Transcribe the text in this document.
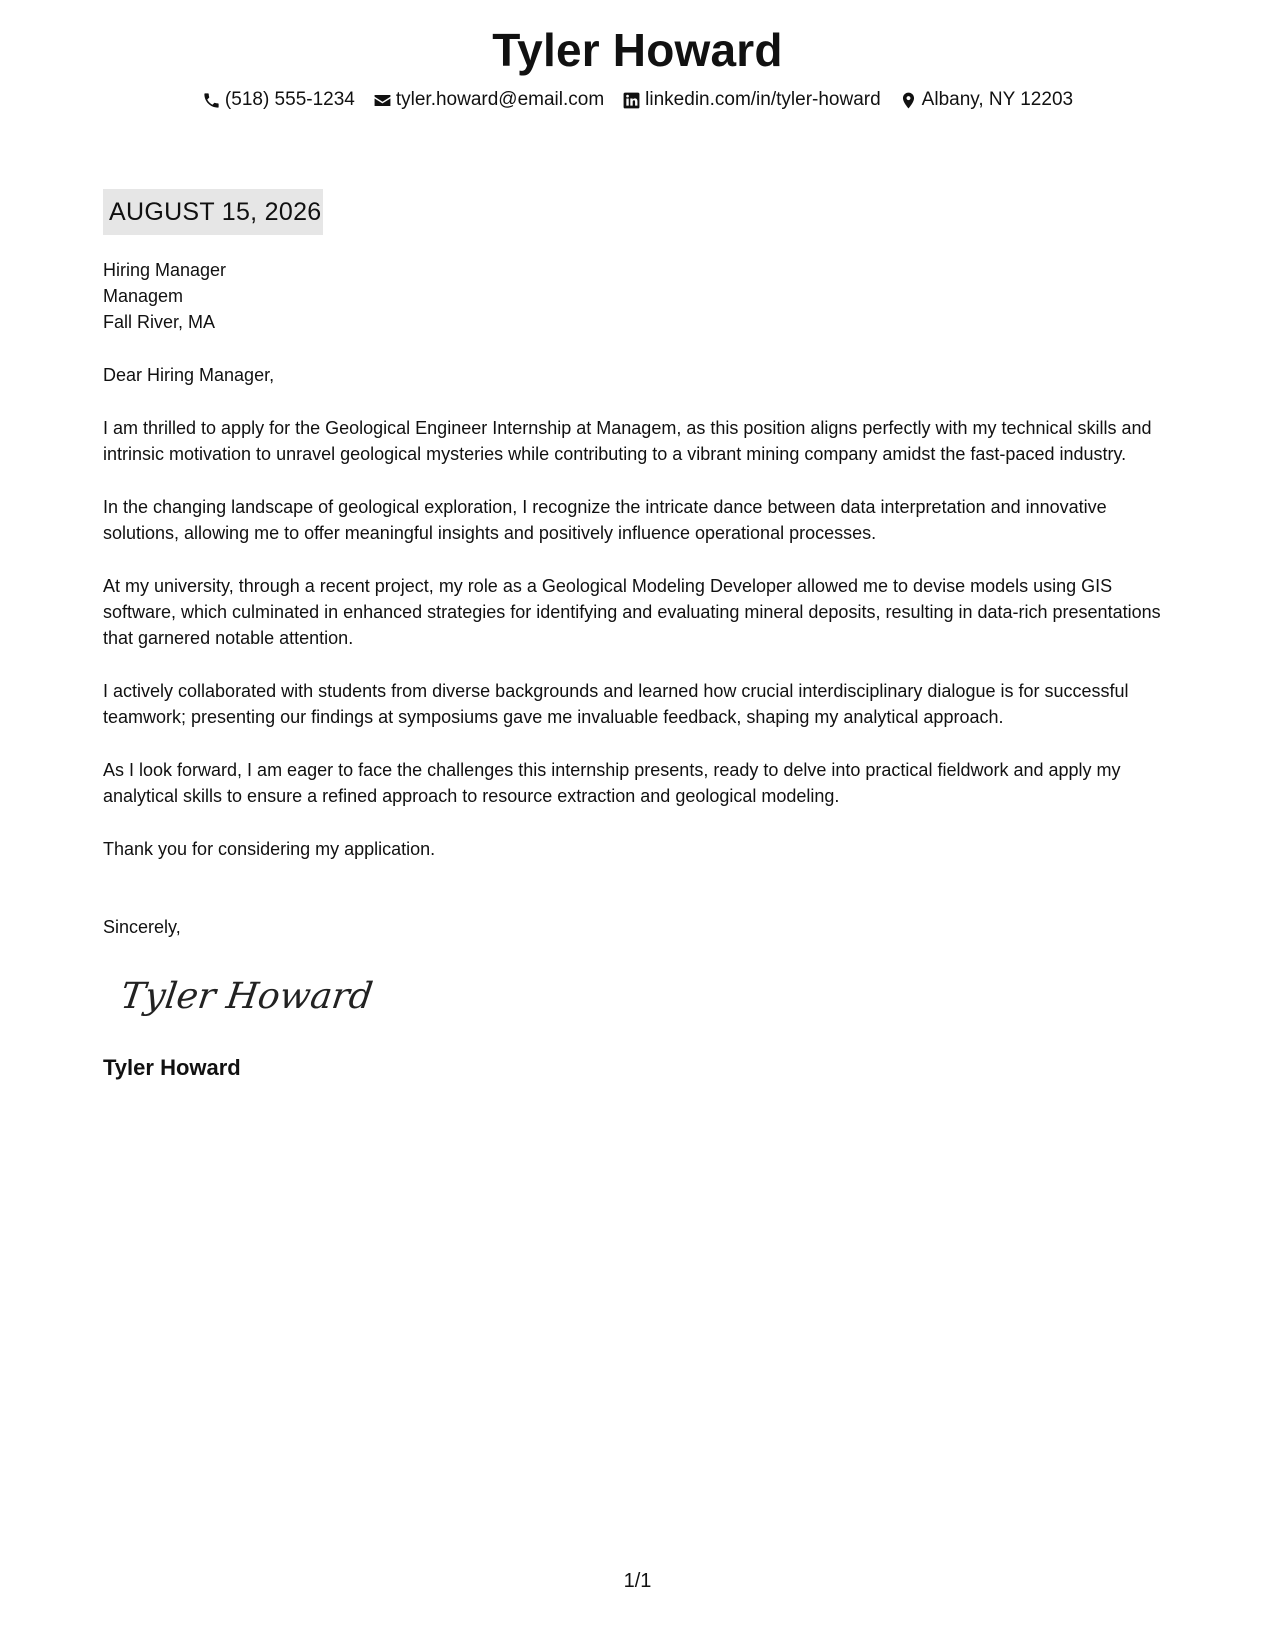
Tyler Howard
(518) 555-1234 tyler.howard@email.com linkedin.com/in/tyler-howard Albany, NY 12203
AUGUST 15, 2026
Hiring Manager
Managem
Fall River, MA
Dear Hiring Manager,
I am thrilled to apply for the Geological Engineer Internship at Managem, as this position aligns perfectly with my technical skills and intrinsic motivation to unravel geological mysteries while contributing to a vibrant mining company amidst the fast-paced industry.
In the changing landscape of geological exploration, I recognize the intricate dance between data interpretation and innovative solutions, allowing me to offer meaningful insights and positively influence operational processes.
At my university, through a recent project, my role as a Geological Modeling Developer allowed me to devise models using GIS software, which culminated in enhanced strategies for identifying and evaluating mineral deposits, resulting in data-rich presentations that garnered notable attention.
I actively collaborated with students from diverse backgrounds and learned how crucial interdisciplinary dialogue is for successful teamwork; presenting our findings at symposiums gave me invaluable feedback, shaping my analytical approach.
As I look forward, I am eager to face the challenges this internship presents, ready to delve into practical fieldwork and apply my analytical skills to ensure a refined approach to resource extraction and geological modeling.
Thank you for considering my application.
Sincerely,
Tyler Howard
Tyler Howard
1/1
